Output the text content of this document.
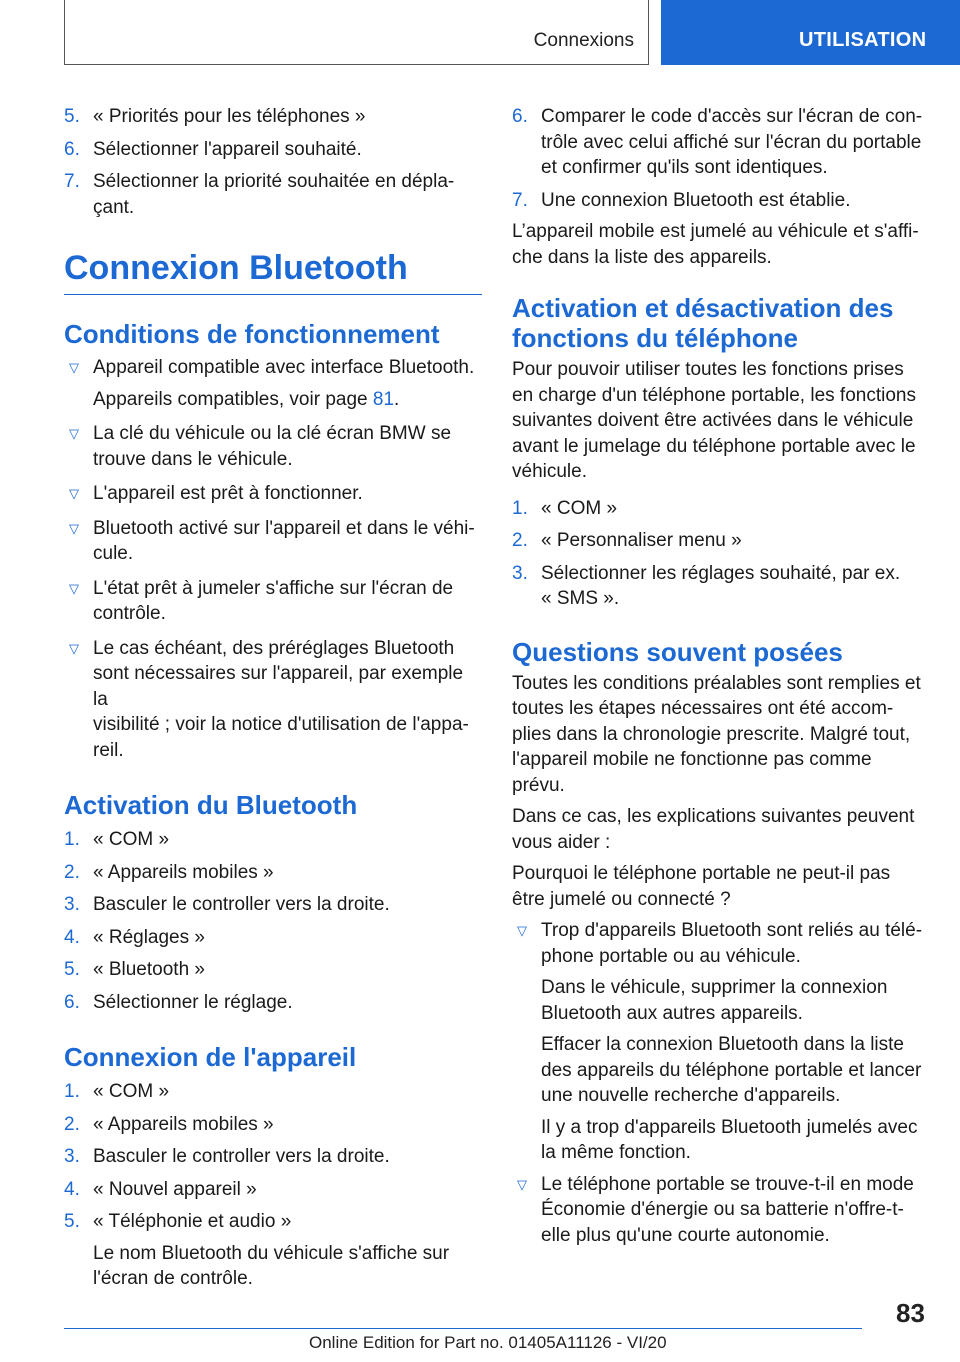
Connexions	UTILISATION
5. « Priorités pour les téléphones »
6. Sélectionner l'appareil souhaité.
7. Sélectionner la priorité souhaitée en dépla‐
çant.
Connexion Bluetooth
Conditions de fonctionnement
▽ Appareil compatible avec interface Bluetooth.
Appareils compatibles, voir page 81.
▽ La clé du véhicule ou la clé écran BMW se
trouve dans le véhicule.
▽ L'appareil est prêt à fonctionner.
▽ Bluetooth activé sur l'appareil et dans le véhi‐
cule.
▽ L'état prêt à jumeler s'affiche sur l'écran de
contrôle.
▽ Le cas échéant, des préréglages Bluetooth
sont nécessaires sur l'appareil, par exemple la
visibilité ; voir la notice d'utilisation de l'appa‐
reil.
Activation du Bluetooth
1. « COM »
2. « Appareils mobiles »
3. Basculer le controller vers la droite.
4. « Réglages »
5. « Bluetooth »
6. Sélectionner le réglage.
Connexion de l'appareil
1. « COM »
2. « Appareils mobiles »
3. Basculer le controller vers la droite.
4. « Nouvel appareil »
5. « Téléphonie et audio »
Le nom Bluetooth du véhicule s'affiche sur
l'écran de contrôle.
6. Comparer le code d'accès sur l'écran de con‐
trôle avec celui affiché sur l'écran du portable
et confirmer qu'ils sont identiques.
7. Une connexion Bluetooth est établie.
L’appareil mobile est jumelé au véhicule et s'affi‐
che dans la liste des appareils.
Activation et désactivation des
fonctions du téléphone
Pour pouvoir utiliser toutes les fonctions prises
en charge d'un téléphone portable, les fonctions
suivantes doivent être activées dans le véhicule
avant le jumelage du téléphone portable avec le
véhicule.
1. « COM »
2. « Personnaliser menu »
3. Sélectionner les réglages souhaité, par ex.
« SMS ».
Questions souvent posées
Toutes les conditions préalables sont remplies et
toutes les étapes nécessaires ont été accom‐
plies dans la chronologie prescrite. Malgré tout,
l'appareil mobile ne fonctionne pas comme
prévu.
Dans ce cas, les explications suivantes peuvent
vous aider :
Pourquoi le téléphone portable ne peut-il pas
être jumelé ou connecté ?
▽ Trop d'appareils Bluetooth sont reliés au télé‐
phone portable ou au véhicule.
Dans le véhicule, supprimer la connexion
Bluetooth aux autres appareils.
Effacer la connexion Bluetooth dans la liste
des appareils du téléphone portable et lancer
une nouvelle recherche d'appareils.
Il y a trop d'appareils Bluetooth jumelés avec
la même fonction.
▽ Le téléphone portable se trouve-t-il en mode
Économie d'énergie ou sa batterie n'offre-t-
elle plus qu'une courte autonomie.
83
Online Edition for Part no. 01405A11126 - VI/20
